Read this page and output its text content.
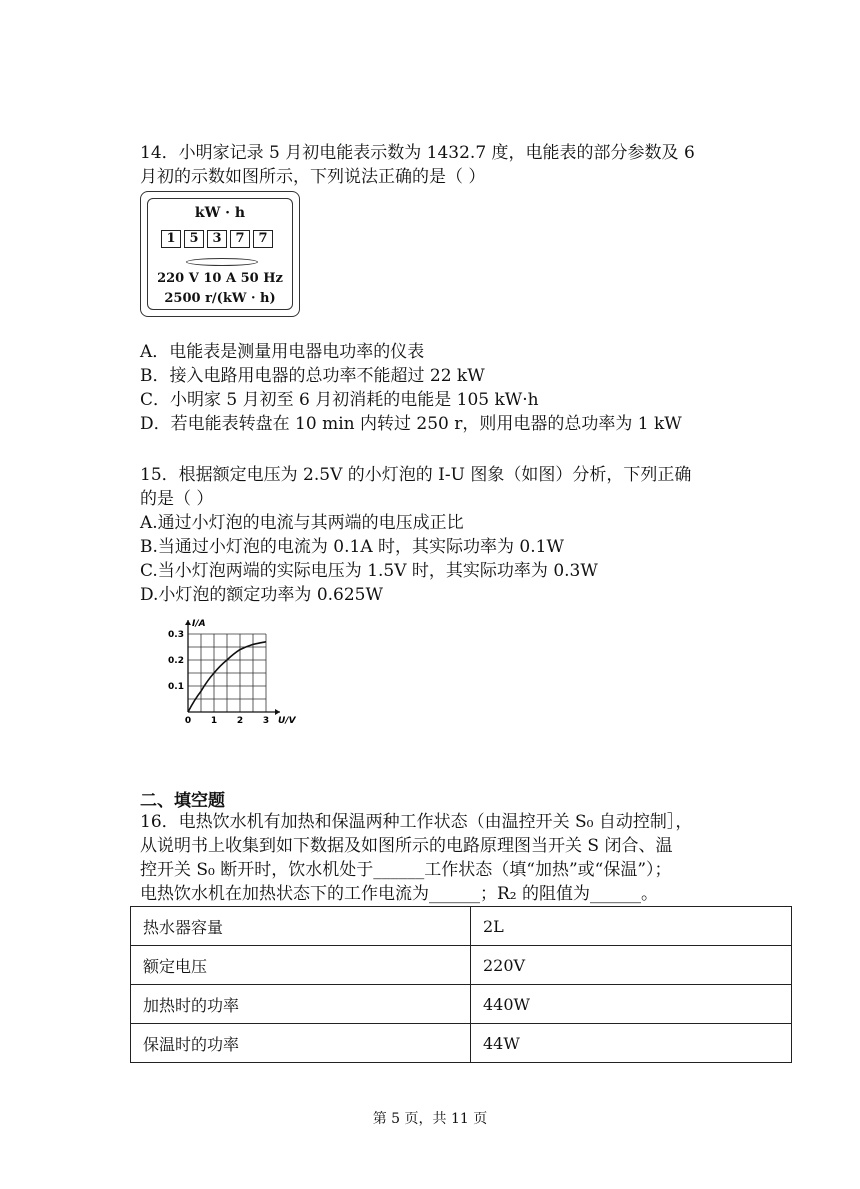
14．小明家记录 5 月初电能表示数为 1432.7 度，电能表的部分参数及 6
月初的示数如图所示，下列说法正确的是（ ）
kW · h
1	5	3	7	7
220 V 10 A 50 Hz
2500 r/(kW · h)
A．电能表是测量用电器电功率的仪表
B．接入电路用电器的总功率不能超过 22 kW
C．小明家 5 月初至 6 月初消耗的电能是 105 kW·h
D．若电能表转盘在 10 min 内转过 250 r，则用电器的总功率为 1 kW
15．根据额定电压为 2.5V 的小灯泡的 I-U 图象（如图）分析，下列正确
的是（ ）
A.通过小灯泡的电流与其两端的电压成正比
B.当通过小灯泡的电流为 0.1A 时，其实际功率为 0.1W
C.当小灯泡两端的实际电压为 1.5V 时，其实际功率为 0.3W
D.小灯泡的额定功率为 0.625W
I/A
U/V
0 1 2 3
0.1
0.2
0.3
二、填空题
16．电热饮水机有加热和保温两种工作状态（由温控开关 S₀ 自动控制］，
从说明书上收集到如下数据及如图所示的电路原理图当开关 S 闭合、温
控开关 S₀ 断开时，饮水机处于______工作状态（填“加热”或“保温”）；
电热饮水机在加热状态下的工作电流为______；R₂ 的阻值为______。
热水器容量	2L
额定电压	220V
加热时的功率	440W
保温时的功率	44W
第 5 页，共 11 页
